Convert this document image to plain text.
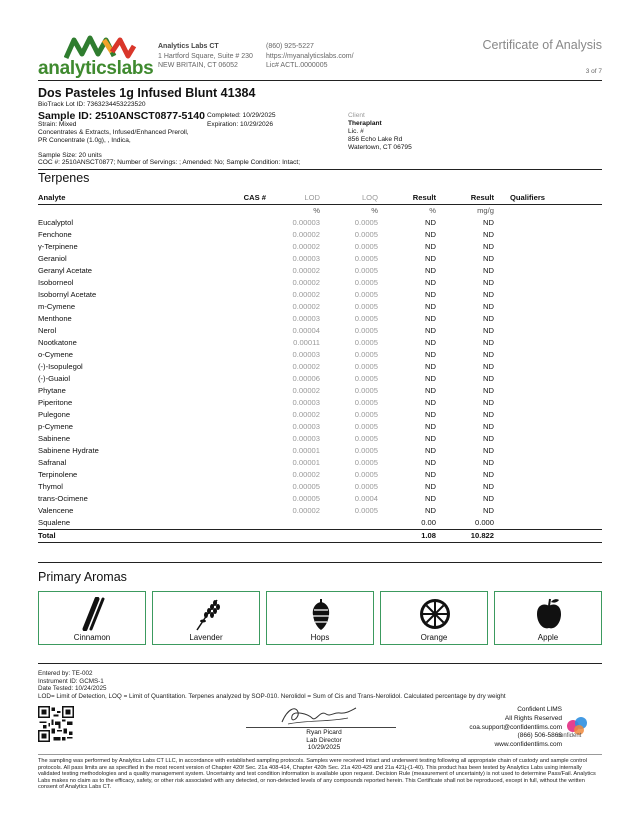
analyticslabs
Analytics Labs CT
1 Hartford Square, Suite # 230
NEW BRITAIN, CT 06052
(860) 925-5227
https://myanalyticslabs.com/
Lic# ACTL.0000005
Certificate of Analysis
3 of 7
Dos Pasteles 1g Infused Blunt 41384
BioTrack Lot ID: 7363234453223520
Sample ID: 2510ANSCT0877-5140 Completed: 10/29/2025
Expiration: 10/29/2026
Strain: Mixed
Concentrates & Extracts, Infused/Enhanced Preroll,
PR Concentrate (1.0g), , Indica,
Sample Size: 20 units
COC #: 2510ANSCT0877; Number of Servings: ; Amended: No; Sample Condition: Intact;
Client
Theraplant
Lic. #
856 Echo Lake Rd
Watertown, CT 06795
Terpenes
Analyte	CAS #	LOD	LOQ	Result	Result	Qualifiers
		%	%	%	mg/g	
Eucalyptol		0.00003	0.0005	ND	ND	
Fenchone		0.00002	0.0005	ND	ND	
γ-Terpinene		0.00002	0.0005	ND	ND	
Geraniol		0.00003	0.0005	ND	ND	
Geranyl Acetate		0.00002	0.0005	ND	ND	
Isoborneol		0.00002	0.0005	ND	ND	
Isobornyl Acetate		0.00002	0.0005	ND	ND	
m-Cymene		0.00002	0.0005	ND	ND	
Menthone		0.00003	0.0005	ND	ND	
Nerol		0.00004	0.0005	ND	ND	
Nootkatone		0.00011	0.0005	ND	ND	
o-Cymene		0.00003	0.0005	ND	ND	
(-)-Isopulegol		0.00002	0.0005	ND	ND	
(-)-Guaiol		0.00006	0.0005	ND	ND	
Phytane		0.00002	0.0005	ND	ND	
Piperitone		0.00003	0.0005	ND	ND	
Pulegone		0.00002	0.0005	ND	ND	
p-Cymene		0.00003	0.0005	ND	ND	
Sabinene		0.00003	0.0005	ND	ND	
Sabinene Hydrate		0.00001	0.0005	ND	ND	
Safranal		0.00001	0.0005	ND	ND	
Terpinolene		0.00002	0.0005	ND	ND	
Thymol		0.00005	0.0005	ND	ND	
trans-Ocimene		0.00005	0.0004	ND	ND	
Valencene		0.00002	0.0005	ND	ND	
Squalene				0.00	0.000	
Total				1.08	10.822	
Primary Aromas
Cinnamon	Lavender	Hops	Orange	Apple
Entered by: TE-002
Instrument ID: GCMS-1
Date Tested: 10/24/2025
LOD= Limit of Detection, LOQ = Limit of Quantitation. Terpenes analyzed by SOP-010. Nerolidol = Sum of Cis and Trans-Nerolidol. Calculated percentage by dry weight
Ryan Picard
Lab Director
10/29/2025
Confident LIMS
All Rights Reserved
coa.support@confidentlims.com
(866) 506-5866
www.confidentlims.com
confident
The sampling was performed by Analytics Labs CT LLC, in accordance with established sampling protocols. Samples were received intact and underwent testing following all appropriate chain of custody and sample control protocols. All pass limits are as specified in the most recent version of Chapter 420f Sec. 21a 408-414, Chapter 420h Sec. 21a 420-429 and 21a 421j-(1-40). This product has been tested by Analytics Labs using internally validated testing methodologies and a quality management system. Uncertainty and test condition information is available upon request. Decision Rule (measurement of uncertainty) is not used to determine Pass/Fail. Analytics Labs makes no claim as to the efficacy, safety, or other risk associated with any detected, or non-detected levels of any compounds reported herein. This Certificate shall not be reproduced, except in full, without the written consent of Analytics Labs CT.
